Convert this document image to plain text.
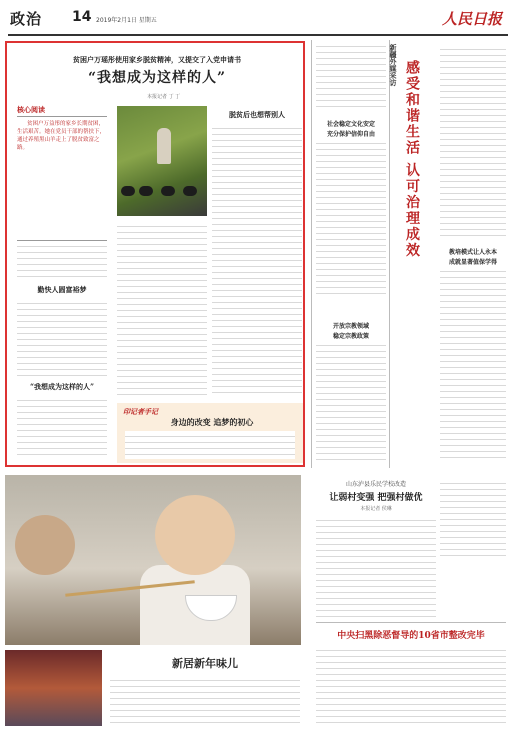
政治 14 2019年2月1日 星期五	人民日报
贫困户万瑶彤使用家乡脱贫精神，又提交了入党申请书
“我想成为这样的人”
本报记者 丁 丁
核心阅读

贫困户万益彤的家乡长期贫困，生活艰苦。她在党员干部的帮扶下，通过养殖黑山羊走上了脱贫致富之路。

脱贫后也想帮别人
勤快人圆富裕梦
“我想成为这样的人”
印记者手记
身边的改变 追梦的初心
社会稳定文化安定
充分保护信仰自由
开放宗教领域
稳定宗教政策
新疆外媒采访 感受和谐生活 认可治理成效	教培模式让人永本
成就显著值保学得
新居新年味儿
山东泸县乐民学校改造
让弱村变强 把强村做优
本报记者 侯琳
中央扫黑除恶督导的10省市整改完毕
